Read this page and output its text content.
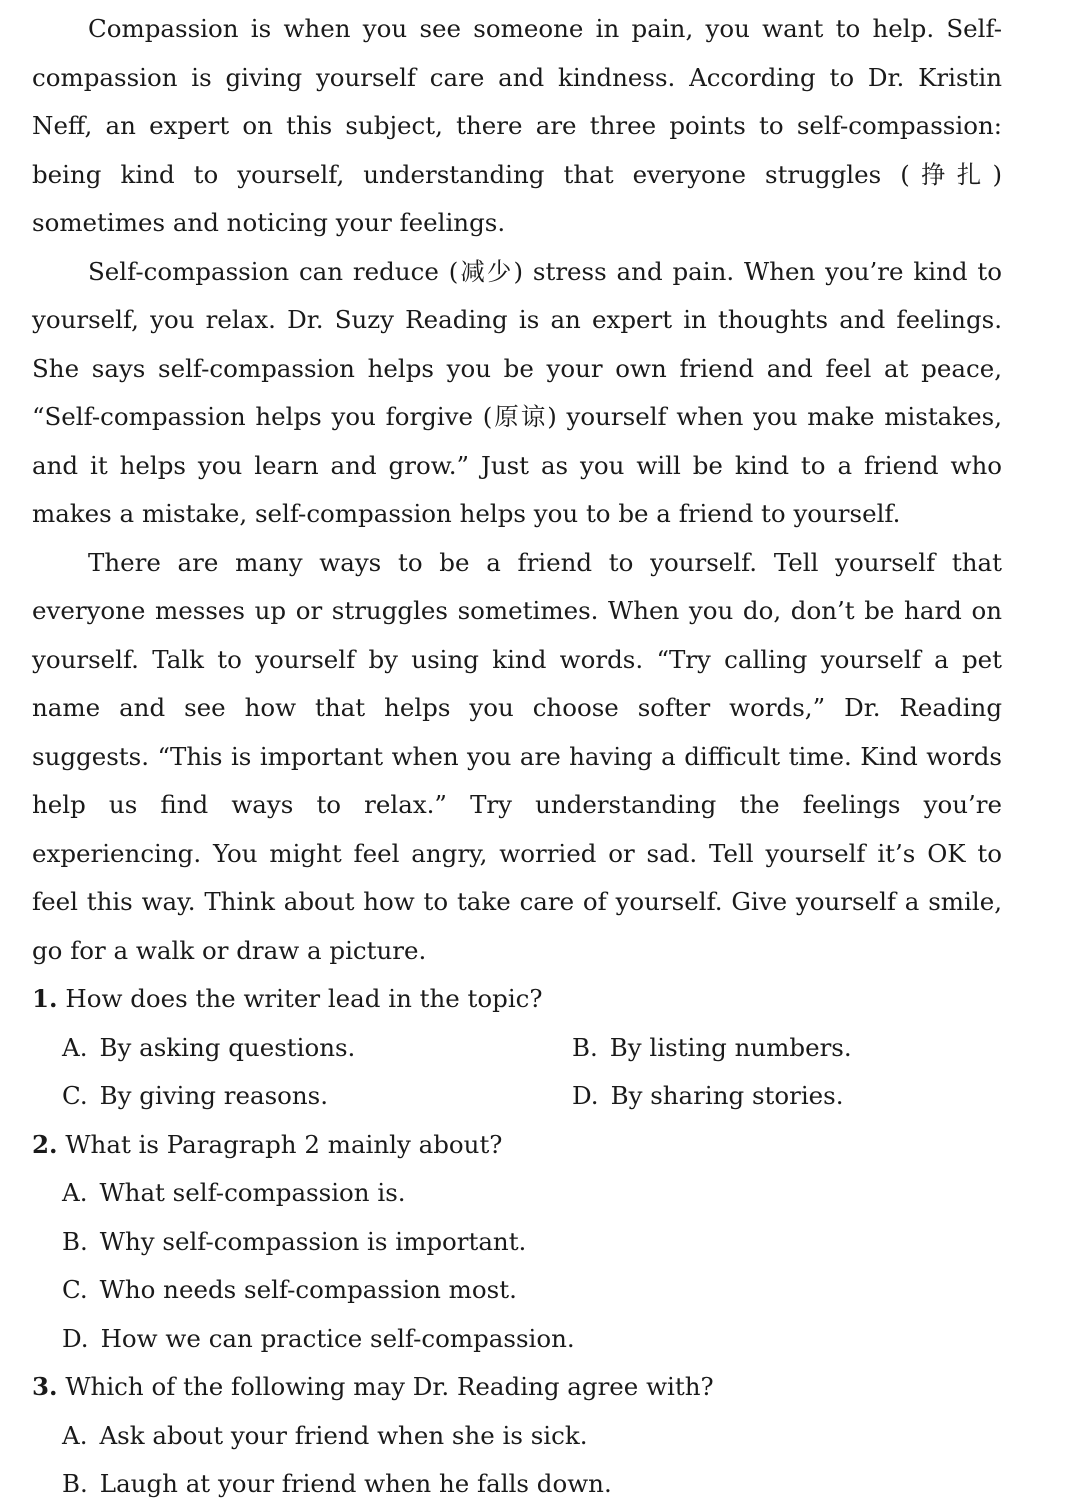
Compassion is when you see someone in pain, you want to help. Self-compassion is giving yourself care and kindness. According to Dr. Kristin Neff, an expert on this subject, there are three points to self-compassion: being kind to yourself, understanding that everyone struggles (挣扎) sometimes and noticing your feelings.

Self-compassion can reduce (减少) stress and pain. When you’re kind to yourself, you relax. Dr. Suzy Reading is an expert in thoughts and feelings. She says self-compassion helps you be your own friend and feel at peace, “Self-compassion helps you forgive (原谅) yourself when you make mistakes, and it helps you learn and grow.” Just as you will be kind to a friend who makes a mistake, self-compassion helps you to be a friend to yourself.

There are many ways to be a friend to yourself. Tell yourself that everyone messes up or struggles sometimes. When you do, don’t be hard on yourself. Talk to yourself by using kind words. “Try calling yourself a pet name and see how that helps you choose softer words,” Dr. Reading suggests. “This is important when you are having a difficult time. Kind words help us find ways to relax.” Try understanding the feelings you’re experiencing. You might feel angry, worried or sad. Tell yourself it’s OK to feel this way. Think about how to take care of yourself. Give yourself a smile, go for a walk or draw a picture.

1. How does the writer lead in the topic?
A. By asking questions.	B. By listing numbers.
C. By giving reasons.	D. By sharing stories.
2. What is Paragraph 2 mainly about?
A. What self-compassion is.
B. Why self-compassion is important.
C. Who needs self-compassion most.
D. How we can practice self-compassion.
3. Which of the following may Dr. Reading agree with?
A. Ask about your friend when she is sick.
B. Laugh at your friend when he falls down.
